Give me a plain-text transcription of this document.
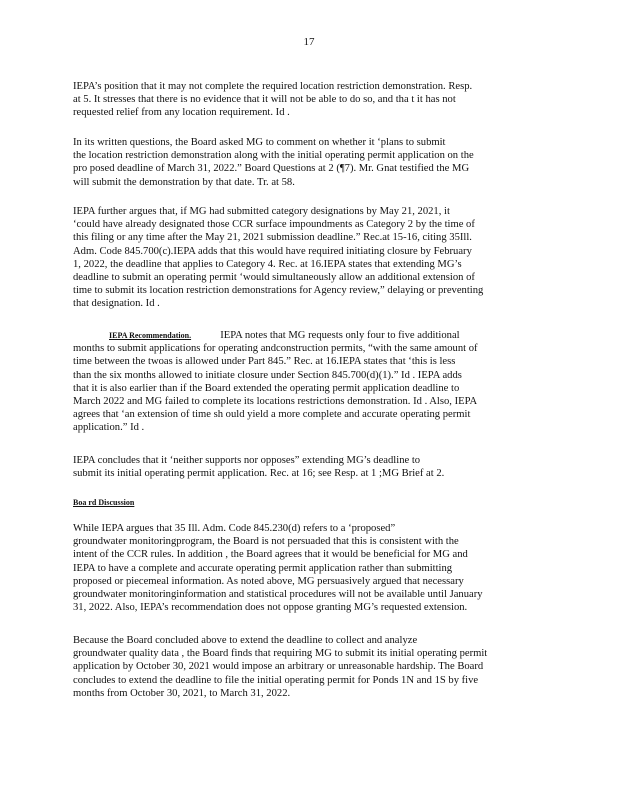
17
IEPA’s position that it may not complete the required location restriction demonstration. Resp.
at 5. It stresses that there is no evidence that it will not be able to do so, and tha t it has not
requested relief from any location requirement. Id .
In its written questions, the Board asked MG to comment on whether it ‘plans to submit
the location restriction demonstration along with the initial operating permit application on the
pro posed deadline of March 31, 2022.” Board Questions at 2 (¶7). Mr. Gnat testified the MG
will submit the demonstration by that date. Tr. at 58.
IEPA further argues that, if MG had submitted category designations by May 21, 2021, it
‘could have already designated those CCR surface impoundments as Category 2 by the time of
this filing or any time after the May 21, 2021 submission deadline.” Rec.at 15-16, citing 35Ill.
Adm. Code 845.700(c).IEPA adds that this would have required initiating closure by February
1, 2022, the deadline that applies to Category 4. Rec. at 16.IEPA states that extending MG’s
deadline to submit an operating permit ‘would simultaneously allow an additional extension of
time to submit its location restriction demonstrations for Agency review,” delaying or preventing
that designation. Id .
IEPA Recommendation.           IEPA notes that MG requests only four to five additional
months to submit applications for operating andconstruction permits, “with the same amount of
time between the twoas is allowed under Part 845.” Rec. at 16.IEPA states that ‘this is less
than the six months allowed to initiate closure under Section 845.700(d)(1).” Id . IEPA adds
that it is also earlier than if the Board extended the operating permit application deadline to
March 2022 and MG failed to complete its locations restrictions demonstration. Id . Also, IEPA
agrees that ‘an extension of time sh ould yield a more complete and accurate operating permit
application.” Id .
IEPA concludes that it ‘neither supports nor opposes” extending MG’s deadline to
submit its initial operating permit application. Rec. at 16; see Resp. at 1 ;MG Brief at 2.
Boa rd Discussion
While IEPA argues that 35 Ill. Adm. Code 845.230(d) refers to a ‘proposed”
groundwater monitoringprogram, the Board is not persuaded that this is consistent with the
intent of the CCR rules. In addition , the Board agrees that it would be beneficial for MG and
IEPA to have a complete and accurate operating permit application rather than submitting
proposed or piecemeal information. As noted above, MG persuasively argued that necessary
groundwater monitoringinformation and statistical procedures will not be available until January
31, 2022. Also, IEPA’s recommendation does not oppose granting MG’s requested extension.
Because the Board concluded above to extend the deadline to collect and analyze
groundwater quality data , the Board finds that requiring MG to submit its initial operating permit
application by October 30, 2021 would impose an arbitrary or unreasonable hardship. The Board
concludes to extend the deadline to file the initial operating permit for Ponds 1N and 1S by five
months from October 30, 2021, to March 31, 2022.
